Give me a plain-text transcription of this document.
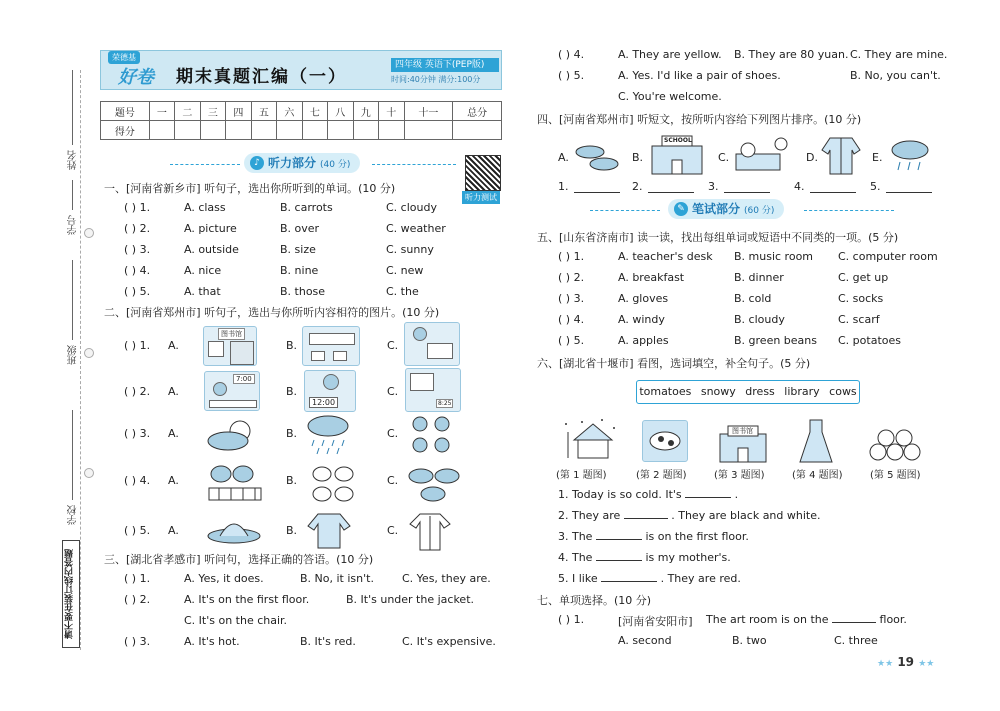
姓名
学号
班级
学校
请不要在装订线内答题
荣德基
好卷 期末真题汇编（一）
四年级 英语下(PEP版)
时间:40分钟 满分:100分
题号	一	二	三	四	五	六	七	八	九	十	十一	总分
得分												
听力测试
♪ 听力部分 (40 分)
一、[河南省新乡市] 听句子，选出你所听到的单词。(10 分)
( ) 1.	A. class	B. carrots	C. cloudy
( ) 2.	A. picture	B. over	C. weather
( ) 3.	A. outside	B. size	C. sunny
( ) 4.	A. nice	B. nine	C. new
( ) 5.	A. that	B. those	C. the
二、[河南省郑州市] 听句子，选出与你所听内容相符的图片。(10 分)
( ) 1. A.	B.	C.
( ) 2. A.	B.	C.
( ) 3. A.	B.	C.
( ) 4. A.	B.	C.
( ) 5. A.	B.	C.
图书馆
7:00
12:00	8:25
三、[湖北省孝感市] 听问句，选择正确的答语。(10 分)
( ) 1.	A. Yes, it does.	B. No, it isn't.	C. Yes, they are.
( ) 2.	A. It's on the first floor.	B. It's under the jacket.
C. It's on the chair.
( ) 3.	A. It's hot.	B. It's red.	C. It's expensive.
( ) 4.	A. They are yellow. B. They are 80 yuan. C. They are mine.
( ) 5.	A. Yes. I'd like a pair of shoes.	B. No, you can't.
C. You're welcome.
四、[河南省郑州市] 听短文，按所听内容给下列图片排序。(10 分)
A.	B.
SCHOOL
C.	D.	E.
1.	2.	3.	4.	5.
✎ 笔试部分 (60 分)
五、[山东省济南市] 读一读，找出每组单词或短语中不同类的一项。(5 分)
( ) 1.	A. teacher's desk B. music room C. computer room
( ) 2.	A. breakfast	B. dinner	C. get up
( ) 3.	A. gloves	B. cold	C. socks
( ) 4.	A. windy	B. cloudy	C. scarf
( ) 5.	A. apples	B. green beans C. potatoes
六、[湖北省十堰市] 看图，选词填空，补全句子。(5 分)
tomatoes snowy dress library cows
图书馆
(第 1 题图)	(第 2 题图)	(第 3 题图)	(第 4 题图)	(第 5 题图)
1. Today is so cold. It's	.
2. They are	. They are black and white.
3. The	is on the first floor.
4. The	is my mother's.
5. I like	. They are red.
七、单项选择。(10 分)
( ) 1.	[河南省安阳市] The art room is on the	floor.
A. second	B. two	C. three
★★ 19 ★★
